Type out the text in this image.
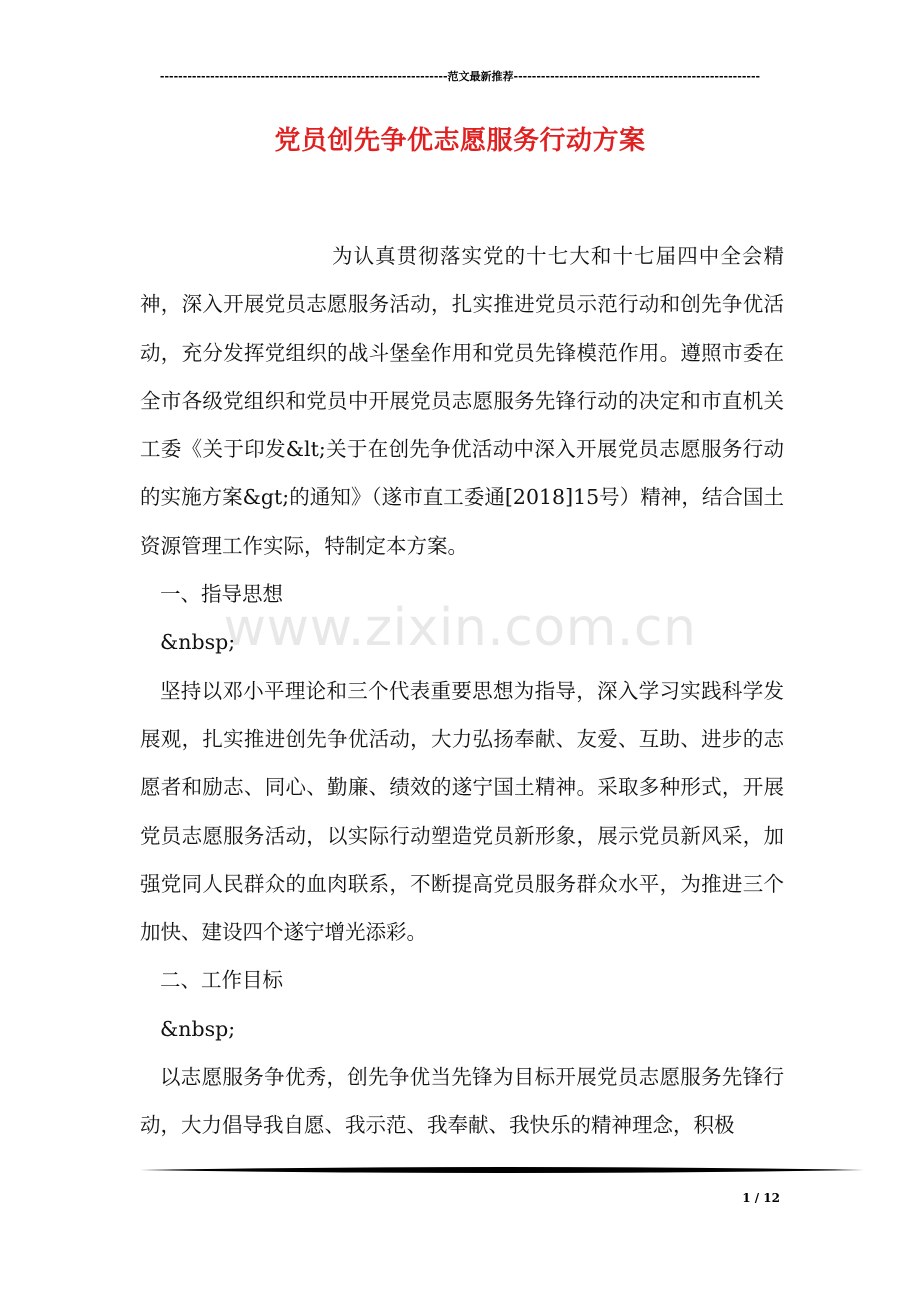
---------------------------------------------------------------范文最新推荐------------------------------------------------------
党员创先争优志愿服务行动方案

为认真贯彻落实党的十七大和十七届四中全会精神，深入开展党员志愿服务活动，扎实推进党员示范行动和创先争优活动，充分发挥党组织的战斗堡垒作用和党员先锋模范作用。遵照市委在全市各级党组织和党员中开展党员志愿服务先锋行动的决定和市直机关工委《关于印发&lt;关于在创先争优活动中深入开展党员志愿服务行动的实施方案&gt;的通知》（遂市直工委通[2018]15号）精神，结合国土资源管理工作实际，特制定本方案。

一、指导思想

&nbsp;

坚持以邓小平理论和三个代表重要思想为指导，深入学习实践科学发展观，扎实推进创先争优活动，大力弘扬奉献、友爱、互助、进步的志愿者和励志、同心、勤廉、绩效的遂宁国土精神。采取多种形式，开展党员志愿服务活动，以实际行动塑造党员新形象，展示党员新风采，加强党同人民群众的血肉联系，不断提高党员服务群众水平，为推进三个加快、建设四个遂宁增光添彩。

二、工作目标

&nbsp;

以志愿服务争优秀，创先争优当先锋为目标开展党员志愿服务先锋行动，大力倡导我自愿、我示范、我奉献、我快乐的精神理念，积极

www.zixin.com.cn
1 / 12
